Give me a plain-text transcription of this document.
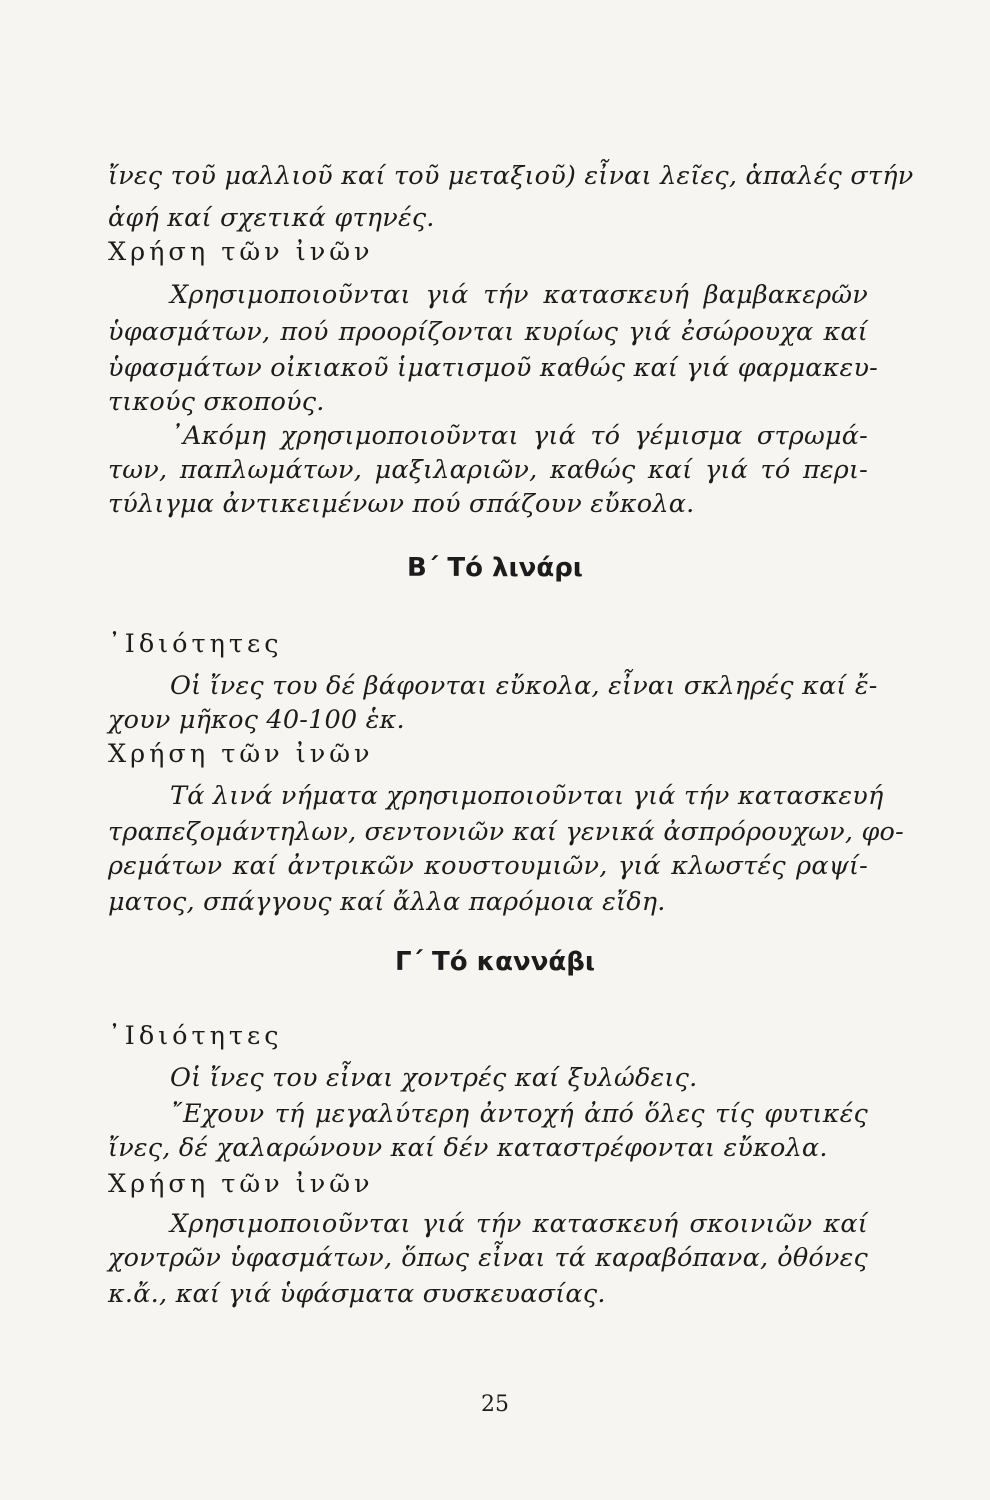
ἴνες τοῦ μαλλιοῦ καί τοῦ μεταξιοῦ) εἶναι λεῖες, ἁπαλές στήν
ἁφή καί σχετικά φτηνές.
Χρήση τῶν ἰνῶν
Χρησιμοποιοῦνται γιά τήν κατασκευή βαμβακερῶν
ὑφασμάτων, πού προορίζονται κυρίως γιά ἐσώρουχα καί
ὑφασμάτων οἰκιακοῦ ἱματισμοῦ καθώς καί γιά φαρμακευ-
τικούς σκοπούς.
᾿Ακόμη χρησιμοποιοῦνται γιά τό γέμισμα στρωμά-
των, παπλωμάτων, μαξιλαριῶν, καθώς καί γιά τό περι-
τύλιγμα ἀντικειμένων πού σπάζουν εὔκολα.
Β΄ Τό λινάρι
᾿Ιδιότητες
Οἱ ἴνες του δέ βάφονται εὔκολα, εἶναι σκληρές καί ἔ-
χουν μῆκος 40-100 ἑκ.
Χρήση τῶν ἰνῶν
Τά λινά νήματα χρησιμοποιοῦνται γιά τήν κατασκευή
τραπεζομάντηλων, σεντονιῶν καί γενικά ἀσπρόρουχων, φο-
ρεμάτων καί ἀντρικῶν κουστουμιῶν, γιά κλωστές ραψί-
ματος, σπάγγους καί ἄλλα παρόμοια εἴδη.
Γ΄ Τό καννάβι
᾿Ιδιότητες
Οἱ ἴνες του εἶναι χοντρές καί ξυλώδεις.
῎Εχουν τή μεγαλύτερη ἀντοχή ἀπό ὅλες τίς φυτικές
ἴνες, δέ χαλαρώνουν καί δέν καταστρέφονται εὔκολα.
Χρήση τῶν ἰνῶν
Χρησιμοποιοῦνται γιά τήν κατασκευή σκοινιῶν καί
χοντρῶν ὑφασμάτων, ὅπως εἶναι τά καραβόπανα, ὀθόνες
κ.ἄ., καί γιά ὑφάσματα συσκευασίας.
25
